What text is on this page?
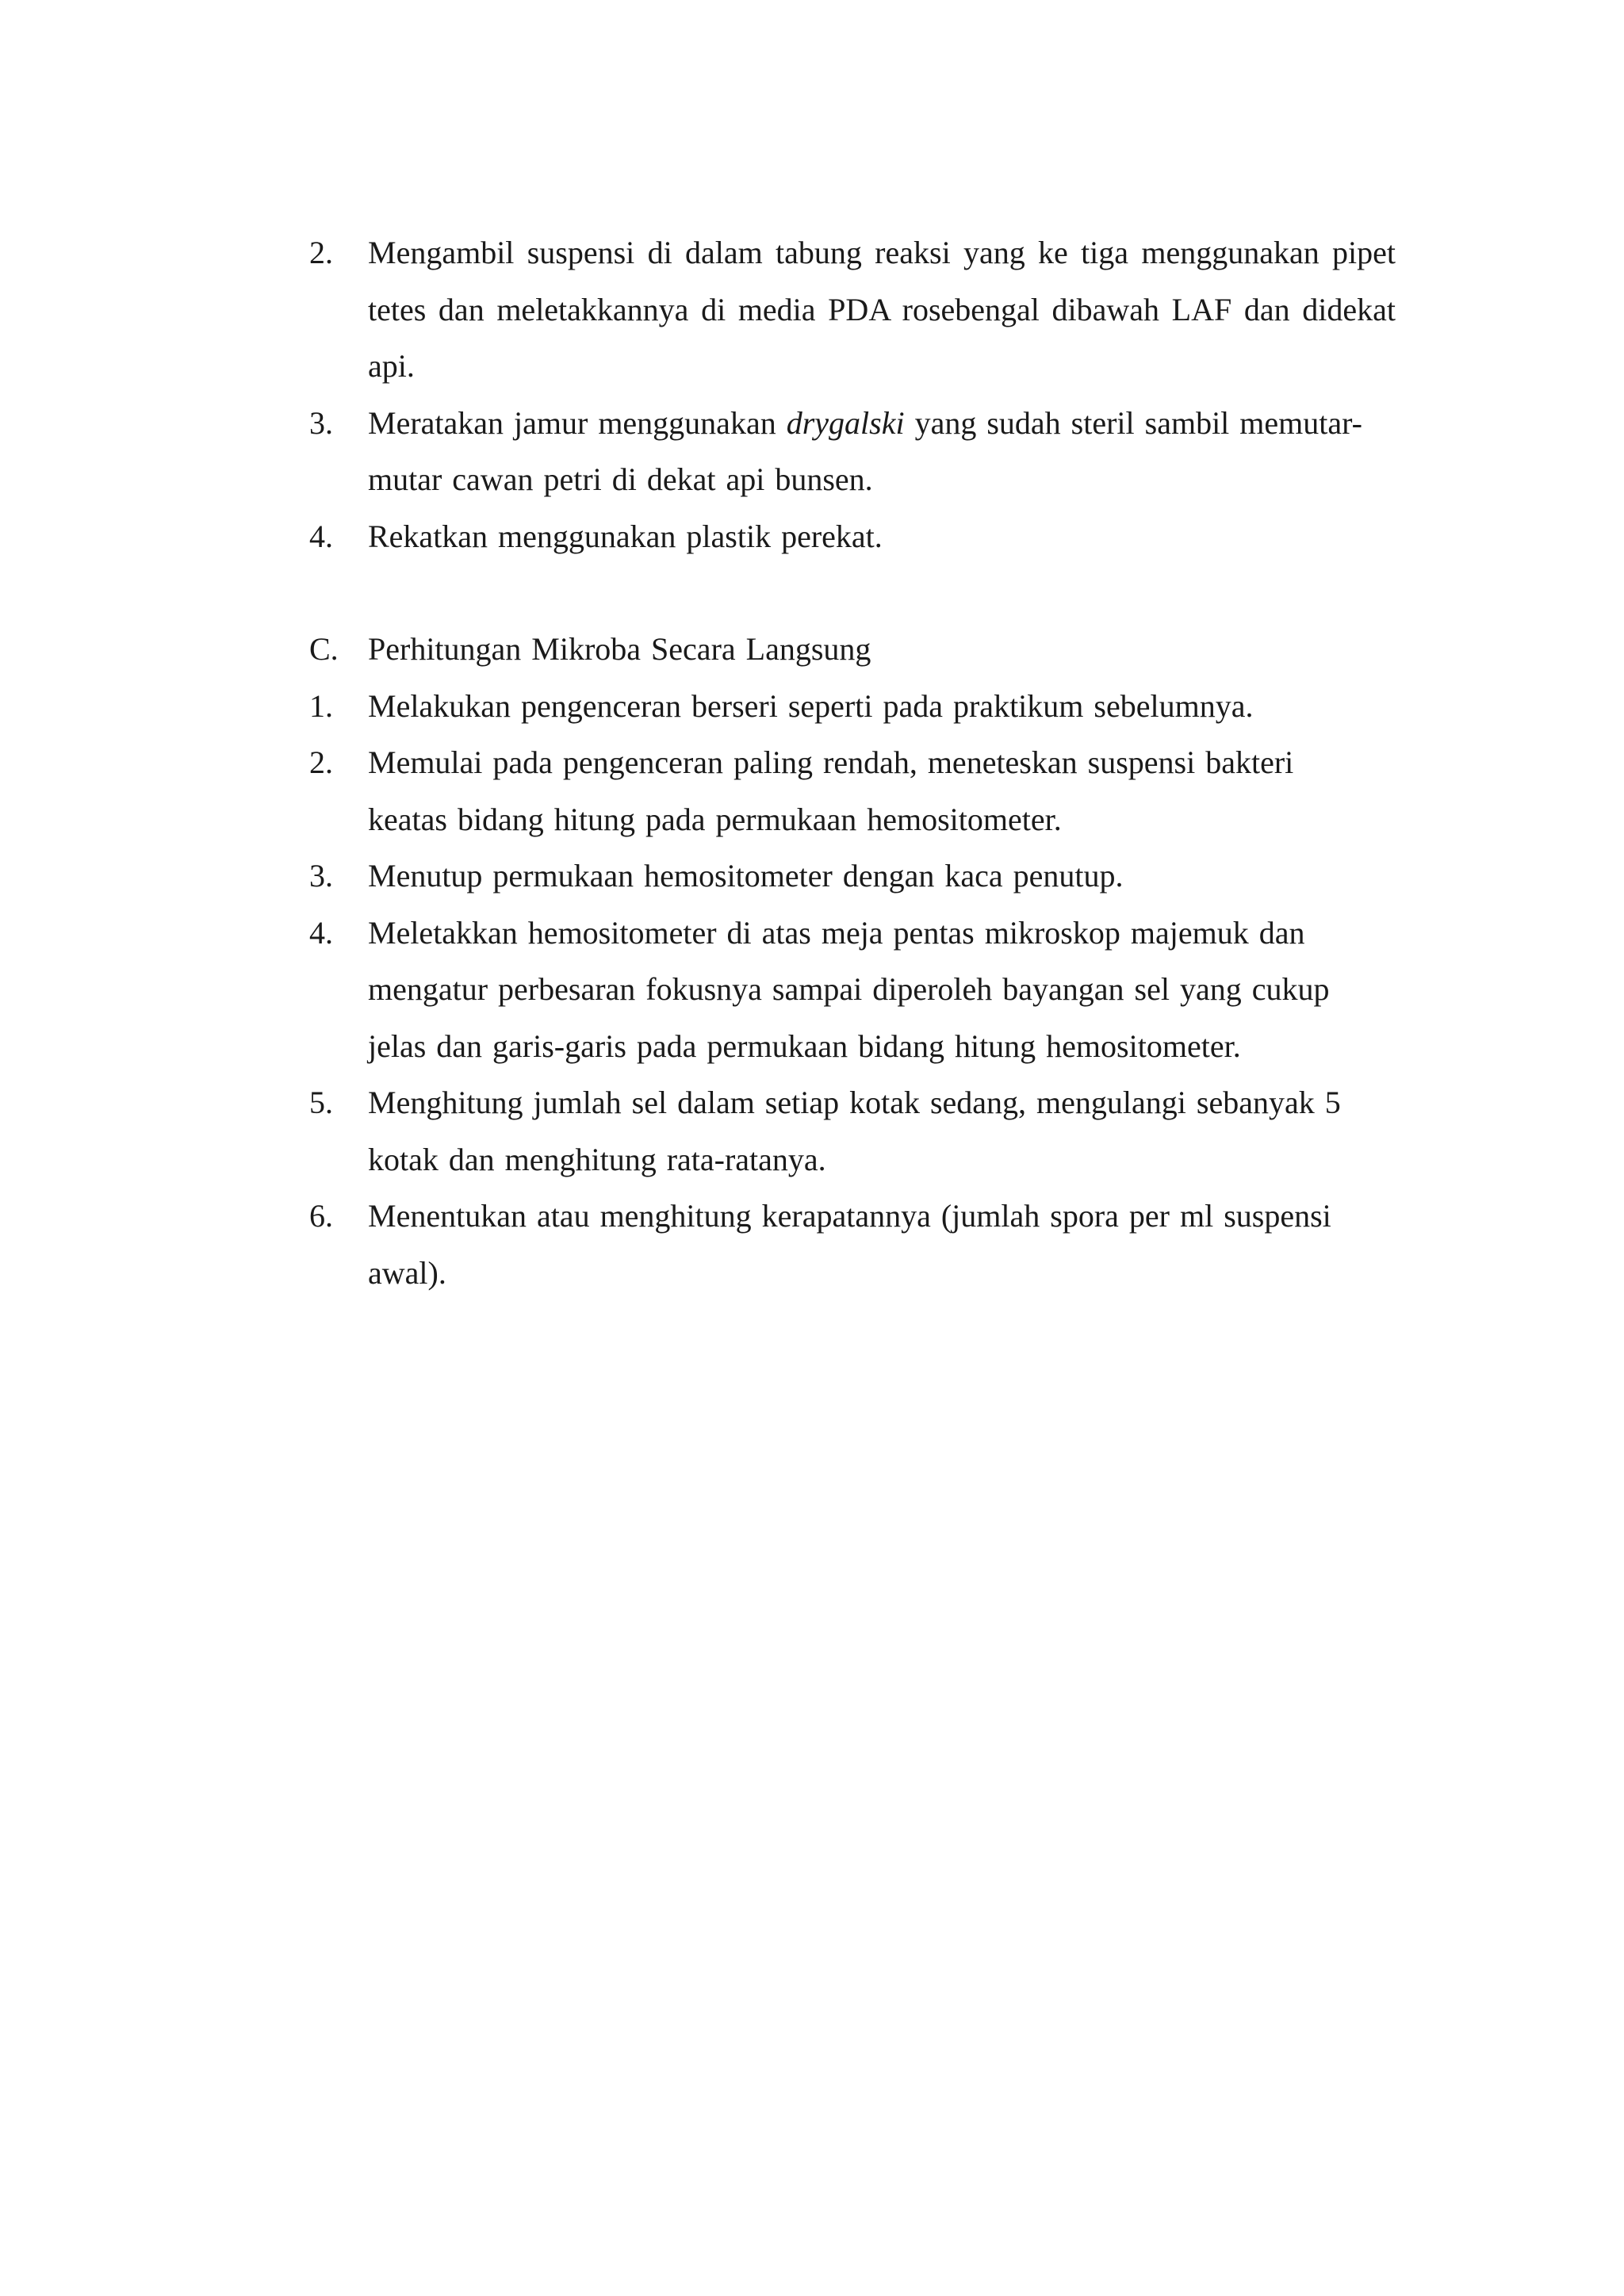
2.	Mengambil suspensi di dalam tabung reaksi yang ke tiga menggunakan pipet
tetes dan meletakkannya di media PDA rosebengal dibawah LAF dan didekat
api.
3.	Meratakan jamur menggunakan drygalski yang sudah steril sambil memutar-
mutar cawan petri di dekat api bunsen.
4.	Rekatkan menggunakan plastik perekat.
C. Perhitungan Mikroba Secara Langsung
1.	Melakukan pengenceran berseri seperti pada praktikum sebelumnya.
2.	Memulai pada pengenceran paling rendah, meneteskan suspensi bakteri
keatas bidang hitung pada permukaan hemositometer.
3.	Menutup permukaan hemositometer dengan kaca penutup.
4.	Meletakkan hemositometer di atas meja pentas mikroskop majemuk dan
mengatur perbesaran fokusnya sampai diperoleh bayangan sel yang cukup
jelas dan garis-garis pada permukaan bidang hitung hemositometer.
5.	Menghitung jumlah sel dalam setiap kotak sedang, mengulangi sebanyak 5
kotak dan menghitung rata-ratanya.
6.	Menentukan atau menghitung kerapatannya (jumlah spora per ml suspensi
awal).
